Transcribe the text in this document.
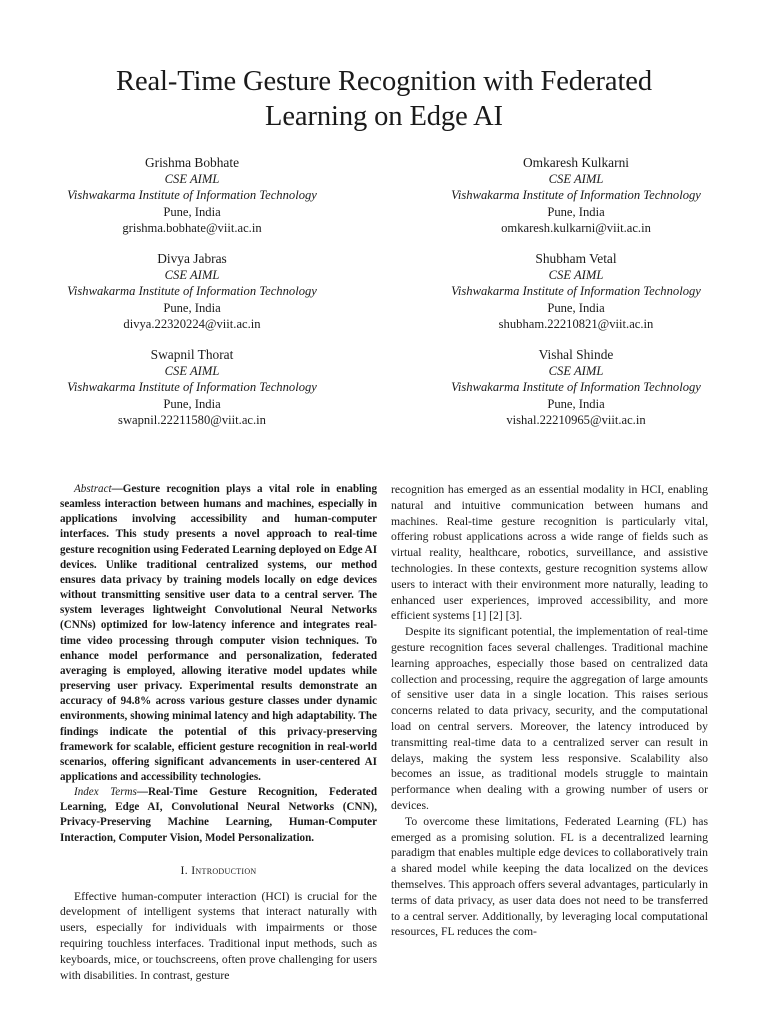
Real-Time Gesture Recognition with Federated
Learning on Edge AI
Grishma Bobhate
CSE AIML
Vishwakarma Institute of Information Technology
Pune, India
grishma.bobhate@viit.ac.in
Omkaresh Kulkarni
CSE AIML
Vishwakarma Institute of Information Technology
Pune, India
omkaresh.kulkarni@viit.ac.in
Divya Jabras
CSE AIML
Vishwakarma Institute of Information Technology
Pune, India
divya.22320224@viit.ac.in
Shubham Vetal
CSE AIML
Vishwakarma Institute of Information Technology
Pune, India
shubham.22210821@viit.ac.in
Swapnil Thorat
CSE AIML
Vishwakarma Institute of Information Technology
Pune, India
swapnil.22211580@viit.ac.in
Vishal Shinde
CSE AIML
Vishwakarma Institute of Information Technology
Pune, India
vishal.22210965@viit.ac.in

Abstract—Gesture recognition plays a vital role in enabling seamless interaction between humans and machines, especially in applications involving accessibility and human-computer interfaces. This study presents a novel approach to real-time gesture recognition using Federated Learning deployed on Edge AI devices. Unlike traditional centralized systems, our method ensures data privacy by training models locally on edge devices without transmitting sensitive user data to a central server. The system leverages lightweight Convolutional Neural Networks (CNNs) optimized for low-latency inference and integrates real-time video processing through computer vision techniques. To enhance model performance and personalization, federated averaging is employed, allowing iterative model updates while preserving user privacy. Experimental results demonstrate an accuracy of 94.8% across various gesture classes under dynamic environments, showing minimal latency and high adaptability. The findings indicate the potential of this privacy-preserving framework for scalable, efficient gesture recognition in real-world scenarios, offering significant advancements in user-centered AI applications and accessibility technologies.

Index Terms—Real-Time Gesture Recognition, Federated Learning, Edge AI, Convolutional Neural Networks (CNN), Privacy-Preserving Machine Learning, Human-Computer Interaction, Computer Vision, Model Personalization.

I. Introduction

Effective human-computer interaction (HCI) is crucial for the development of intelligent systems that interact naturally with users, especially for individuals with impairments or those requiring touchless interfaces. Traditional input methods, such as keyboards, mice, or touchscreens, often prove challenging for users with disabilities. In contrast, gesture

recognition has emerged as an essential modality in HCI, enabling natural and intuitive communication between humans and machines. Real-time gesture recognition is particularly vital, offering robust applications across a wide range of fields such as virtual reality, healthcare, robotics, surveillance, and assistive technologies. In these contexts, gesture recognition systems allow users to interact with their environment more naturally, leading to enhanced user experiences, improved accessibility, and more efficient systems [1] [2] [3].

Despite its significant potential, the implementation of real-time gesture recognition faces several challenges. Traditional machine learning approaches, especially those based on centralized data collection and processing, require the aggregation of large amounts of sensitive user data in a single location. This raises serious concerns related to data privacy, security, and the computational load on central servers. Moreover, the latency introduced by transmitting real-time data to a centralized server can result in delays, making the system less responsive. Scalability also becomes an issue, as traditional models struggle to maintain performance when dealing with a growing number of users or devices.

To overcome these limitations, Federated Learning (FL) has emerged as a promising solution. FL is a decentralized learning paradigm that enables multiple edge devices to collaboratively train a shared model while keeping the data localized on the devices themselves. This approach offers several advantages, particularly in terms of data privacy, as user data does not need to be transferred to a central server. Additionally, by leveraging local computational resources, FL reduces the com-
